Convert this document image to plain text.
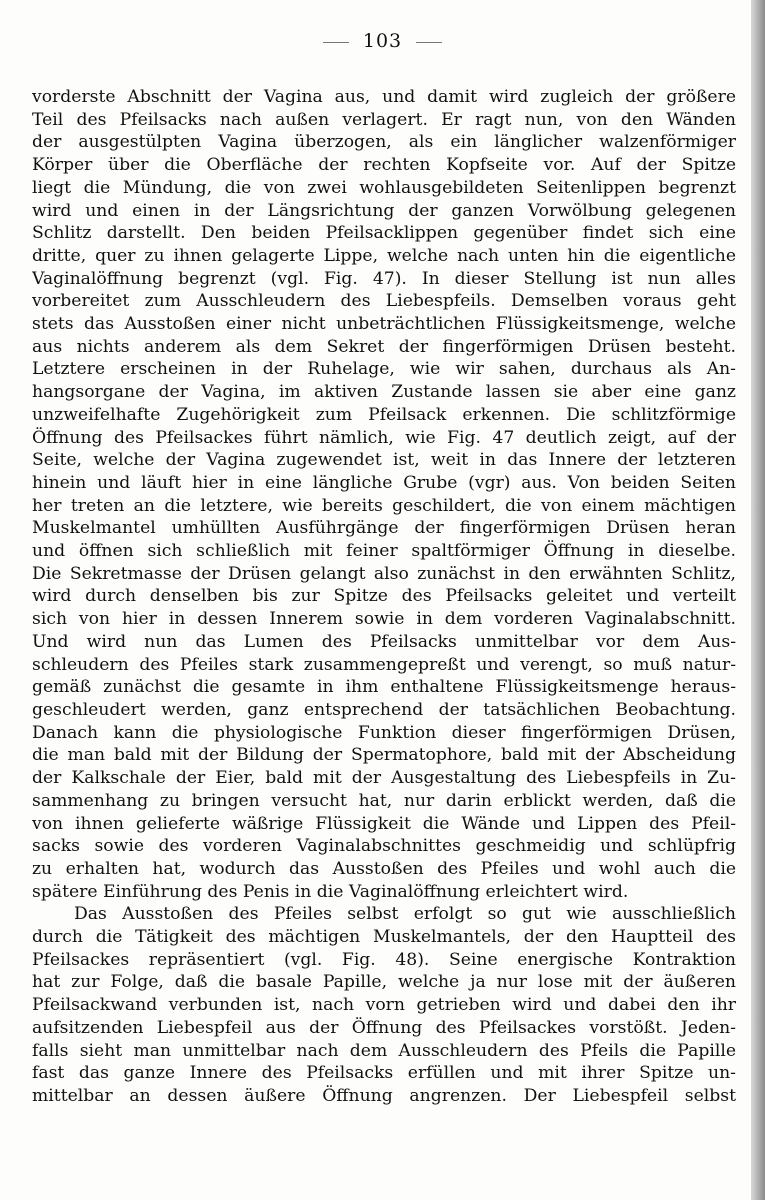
103
vorderste Abschnitt der Vagina aus, und damit wird zugleich der größere
Teil des Pfeilsacks nach außen verlagert. Er ragt nun, von den Wänden
der ausgestülpten Vagina überzogen, als ein länglicher walzenförmiger
Körper über die Oberfläche der rechten Kopfseite vor. Auf der Spitze
liegt die Mündung, die von zwei wohlausgebildeten Seitenlippen begrenzt
wird und einen in der Längsrichtung der ganzen Vorwölbung gelegenen
Schlitz darstellt. Den beiden Pfeilsacklippen gegenüber findet sich eine
dritte, quer zu ihnen gelagerte Lippe, welche nach unten hin die eigentliche
Vaginalöffnung begrenzt (vgl. Fig. 47). In dieser Stellung ist nun alles
vorbereitet zum Ausschleudern des Liebespfeils. Demselben voraus geht
stets das Ausstoßen einer nicht unbeträchtlichen Flüssigkeitsmenge, welche
aus nichts anderem als dem Sekret der fingerförmigen Drüsen besteht.
Letztere erscheinen in der Ruhelage, wie wir sahen, durchaus als An-
hangsorgane der Vagina, im aktiven Zustande lassen sie aber eine ganz
unzweifelhafte Zugehörigkeit zum Pfeilsack erkennen. Die schlitzförmige
Öffnung des Pfeilsackes führt nämlich, wie Fig. 47 deutlich zeigt, auf der
Seite, welche der Vagina zugewendet ist, weit in das Innere der letzteren
hinein und läuft hier in eine längliche Grube (vgr) aus. Von beiden Seiten
her treten an die letztere, wie bereits geschildert, die von einem mächtigen
Muskelmantel umhüllten Ausführgänge der fingerförmigen Drüsen heran
und öffnen sich schließlich mit feiner spaltförmiger Öffnung in dieselbe.
Die Sekretmasse der Drüsen gelangt also zunächst in den erwähnten Schlitz,
wird durch denselben bis zur Spitze des Pfeilsacks geleitet und verteilt
sich von hier in dessen Innerem sowie in dem vorderen Vaginalabschnitt.
Und wird nun das Lumen des Pfeilsacks unmittelbar vor dem Aus-
schleudern des Pfeiles stark zusammengepreßt und verengt, so muß natur-
gemäß zunächst die gesamte in ihm enthaltene Flüssigkeitsmenge heraus-
geschleudert werden, ganz entsprechend der tatsächlichen Beobachtung.
Danach kann die physiologische Funktion dieser fingerförmigen Drüsen,
die man bald mit der Bildung der Spermatophore, bald mit der Abscheidung
der Kalkschale der Eier, bald mit der Ausgestaltung des Liebespfeils in Zu-
sammenhang zu bringen versucht hat, nur darin erblickt werden, daß die
von ihnen gelieferte wäßrige Flüssigkeit die Wände und Lippen des Pfeil-
sacks sowie des vorderen Vaginalabschnittes geschmeidig und schlüpfrig
zu erhalten hat, wodurch das Ausstoßen des Pfeiles und wohl auch die
spätere Einführung des Penis in die Vaginalöffnung erleichtert wird.
Das Ausstoßen des Pfeiles selbst erfolgt so gut wie ausschließlich
durch die Tätigkeit des mächtigen Muskelmantels, der den Hauptteil des
Pfeilsackes repräsentiert (vgl. Fig. 48). Seine energische Kontraktion
hat zur Folge, daß die basale Papille, welche ja nur lose mit der äußeren
Pfeilsackwand verbunden ist, nach vorn getrieben wird und dabei den ihr
aufsitzenden Liebespfeil aus der Öffnung des Pfeilsackes vorstößt. Jeden-
falls sieht man unmittelbar nach dem Ausschleudern des Pfeils die Papille
fast das ganze Innere des Pfeilsacks erfüllen und mit ihrer Spitze un-
mittelbar an dessen äußere Öffnung angrenzen. Der Liebespfeil selbst
